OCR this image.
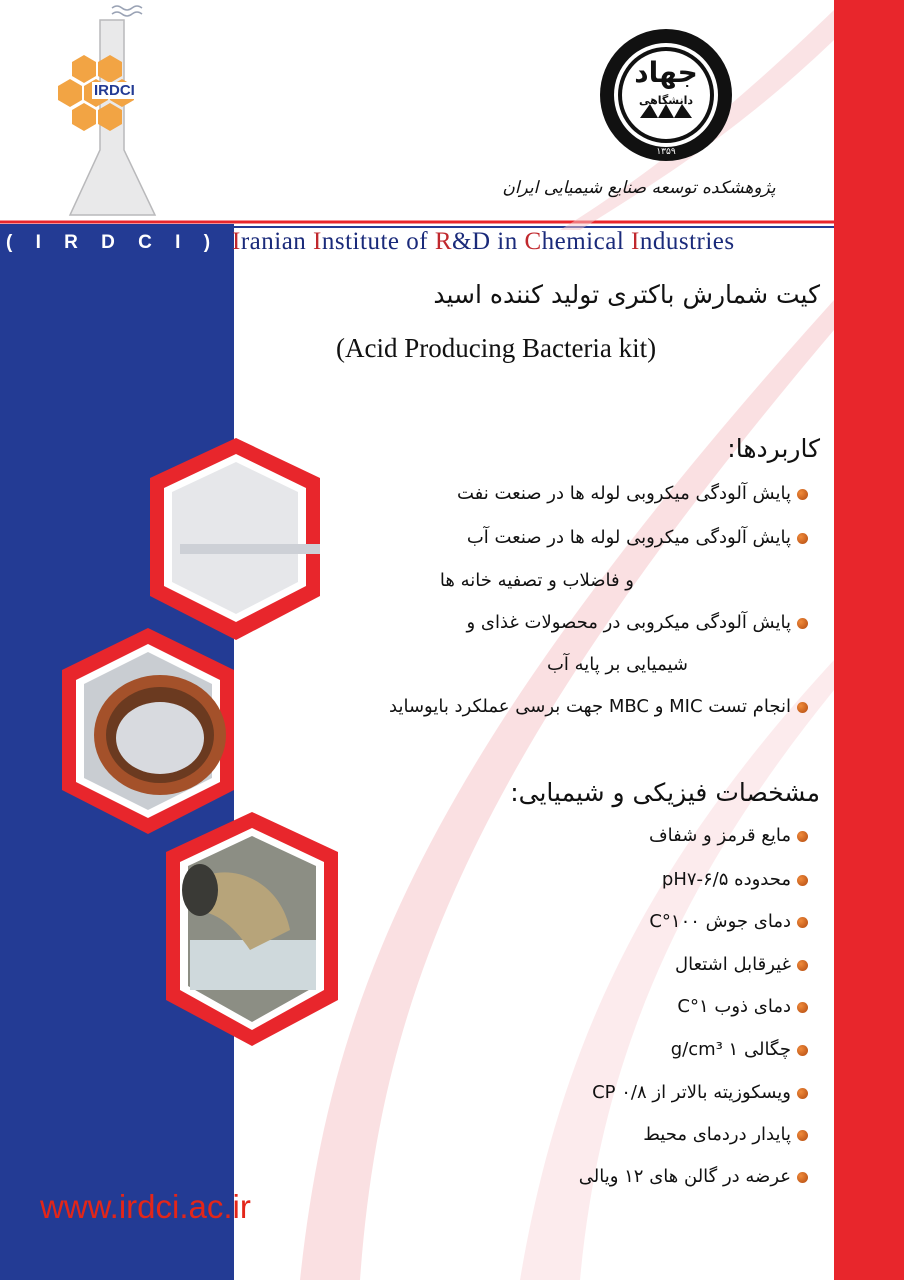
IRDCI
جهاد
دانشگاهی
۱۳۵۹
پژوهشکده توسعه صنایع شیمیایی ایران
( I R D C I ) Iranian Institute of R&D in Chemical Industries
کیت شمارش باکتری تولید کننده اسید
(Acid Producing Bacteria kit)
کاربردها:
پایش آلودگی میکروبی لوله ها در صنعت نفت
پایش آلودگی میکروبی لوله ها در صنعت آب
و فاضلاب و تصفیه خانه ها
پایش آلودگی میکروبی در محصولات غذای و
شیمیایی بر پایه آب
انجام تست MIC و MBC جهت برسی عملکرد بایوساید
مشخصات فیزیکی و شیمیایی:
مایع قرمز و شفاف
محدوده pH۷-۶/۵
دمای جوش C°۱۰۰
غیرقابل اشتعال
دمای ذوب C°۱
چگالی g/cm³ ۱
ویسکوزیته بالاتر از CP ۰/۸
پایدار دردمای محیط
عرضه در گالن های ۱۲ ویالی
www.irdci.ac.ir
